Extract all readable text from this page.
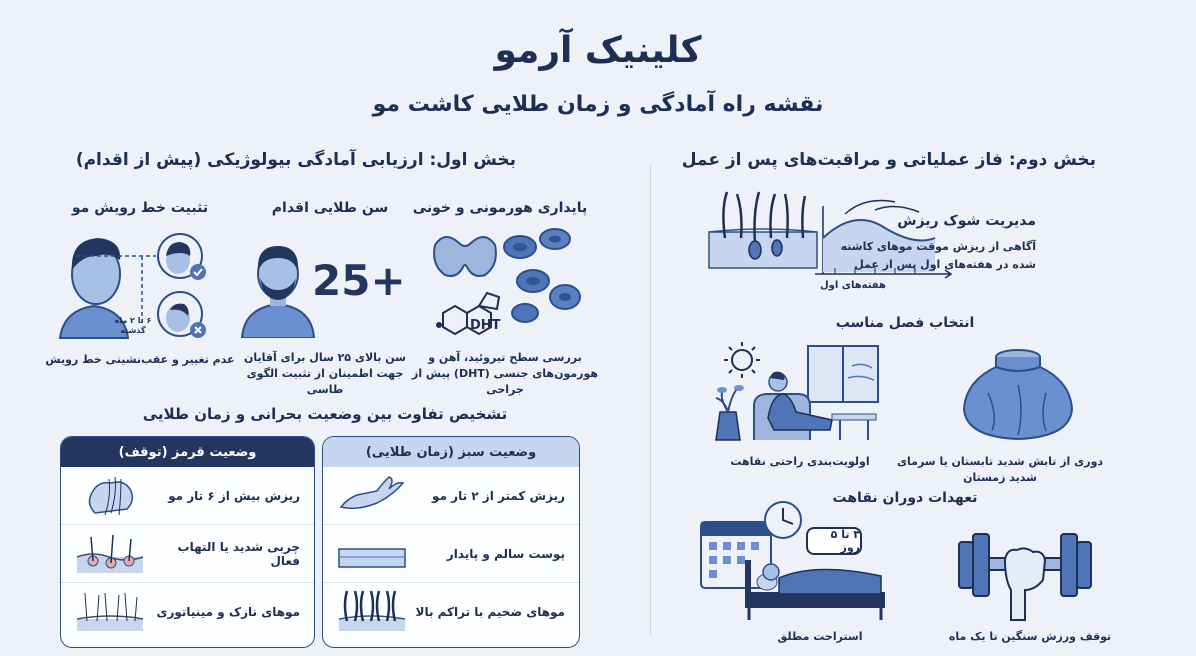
کلینیک آرمو
نقشه راه آمادگی و زمان طلایی کاشت مو
بخش اول: ارزیابی آمادگی بیولوژیکی (پیش از اقدام)
پایداری هورمونی و خونی
DHT
بررسی سطح تیروئید، آهن و
هورمون‌های جنسی (DHT) پیش از جراحی
سن طلایی اقدام
25+
سن بالای ۲۵ سال برای آقایان
جهت اطمینان از تثبیت الگوی طاسی
تثبیت خط رویش مو
۶ تا ۲ ماه
گذشته
عدم تغییر و عقب‌نشینی خط رویش
تشخیص تفاوت بین وضعیت بحرانی و زمان طلایی
وضعیت قرمز (توقف)
ریزش بیش از ۶ تار مو
چربی شدید یا التهاب فعال
موهای نازک و مینیاتوری
وضعیت سبز (زمان طلایی)
ریزش کمتر از ۲ تار مو
پوست سالم و پایدار
موهای ضخیم با تراکم بالا
بخش دوم: فاز عملیاتی و مراقبت‌های پس از عمل
هفته‌های اول
مدیریت شوک ریزش
آگاهی از ریزش موقت موهای کاشته
شده در هفته‌های اول پس از عمل
انتخاب فصل مناسب
اولویت‌بندی راحتی نقاهت	دوری از تابش شدید تابستان یا سرمای شدید زمستان
تعهدات دوران نقاهت
۳ تا ۵ روز
استراحت مطلق	توقف ورزش سنگین تا یک ماه
